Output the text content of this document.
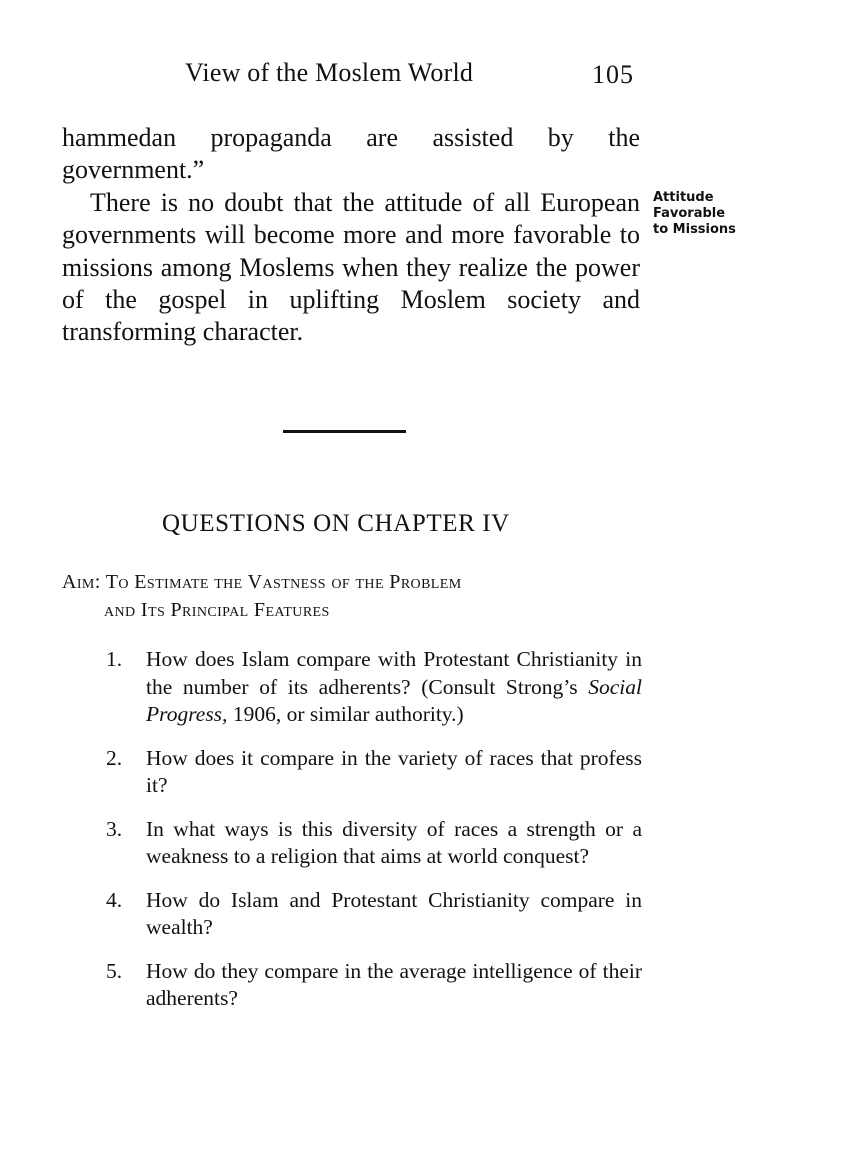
View of the Moslem World	105

hammedan propaganda are assisted by the government.”

There is no doubt that the attitude of all European governments will become more and more favorable to missions among Moslems when they realize the power of the gospel in uplifting Moslem society and transforming character.

Attitude
Favorable
to Missions
QUESTIONS ON CHAPTER IV
Aim: To Estimate the Vastness of the Problem
and Its Principal Features
1. How does Islam compare with Protestant Christianity in the number of its adherents? (Consult Strong’s Social Progress, 1906, or similar authority.)
2. How does it compare in the variety of races that profess it?
3. In what ways is this diversity of races a strength or a weakness to a religion that aims at world conquest?
4. How do Islam and Protestant Christianity compare in wealth?
5. How do they compare in the average intelligence of their adherents?
